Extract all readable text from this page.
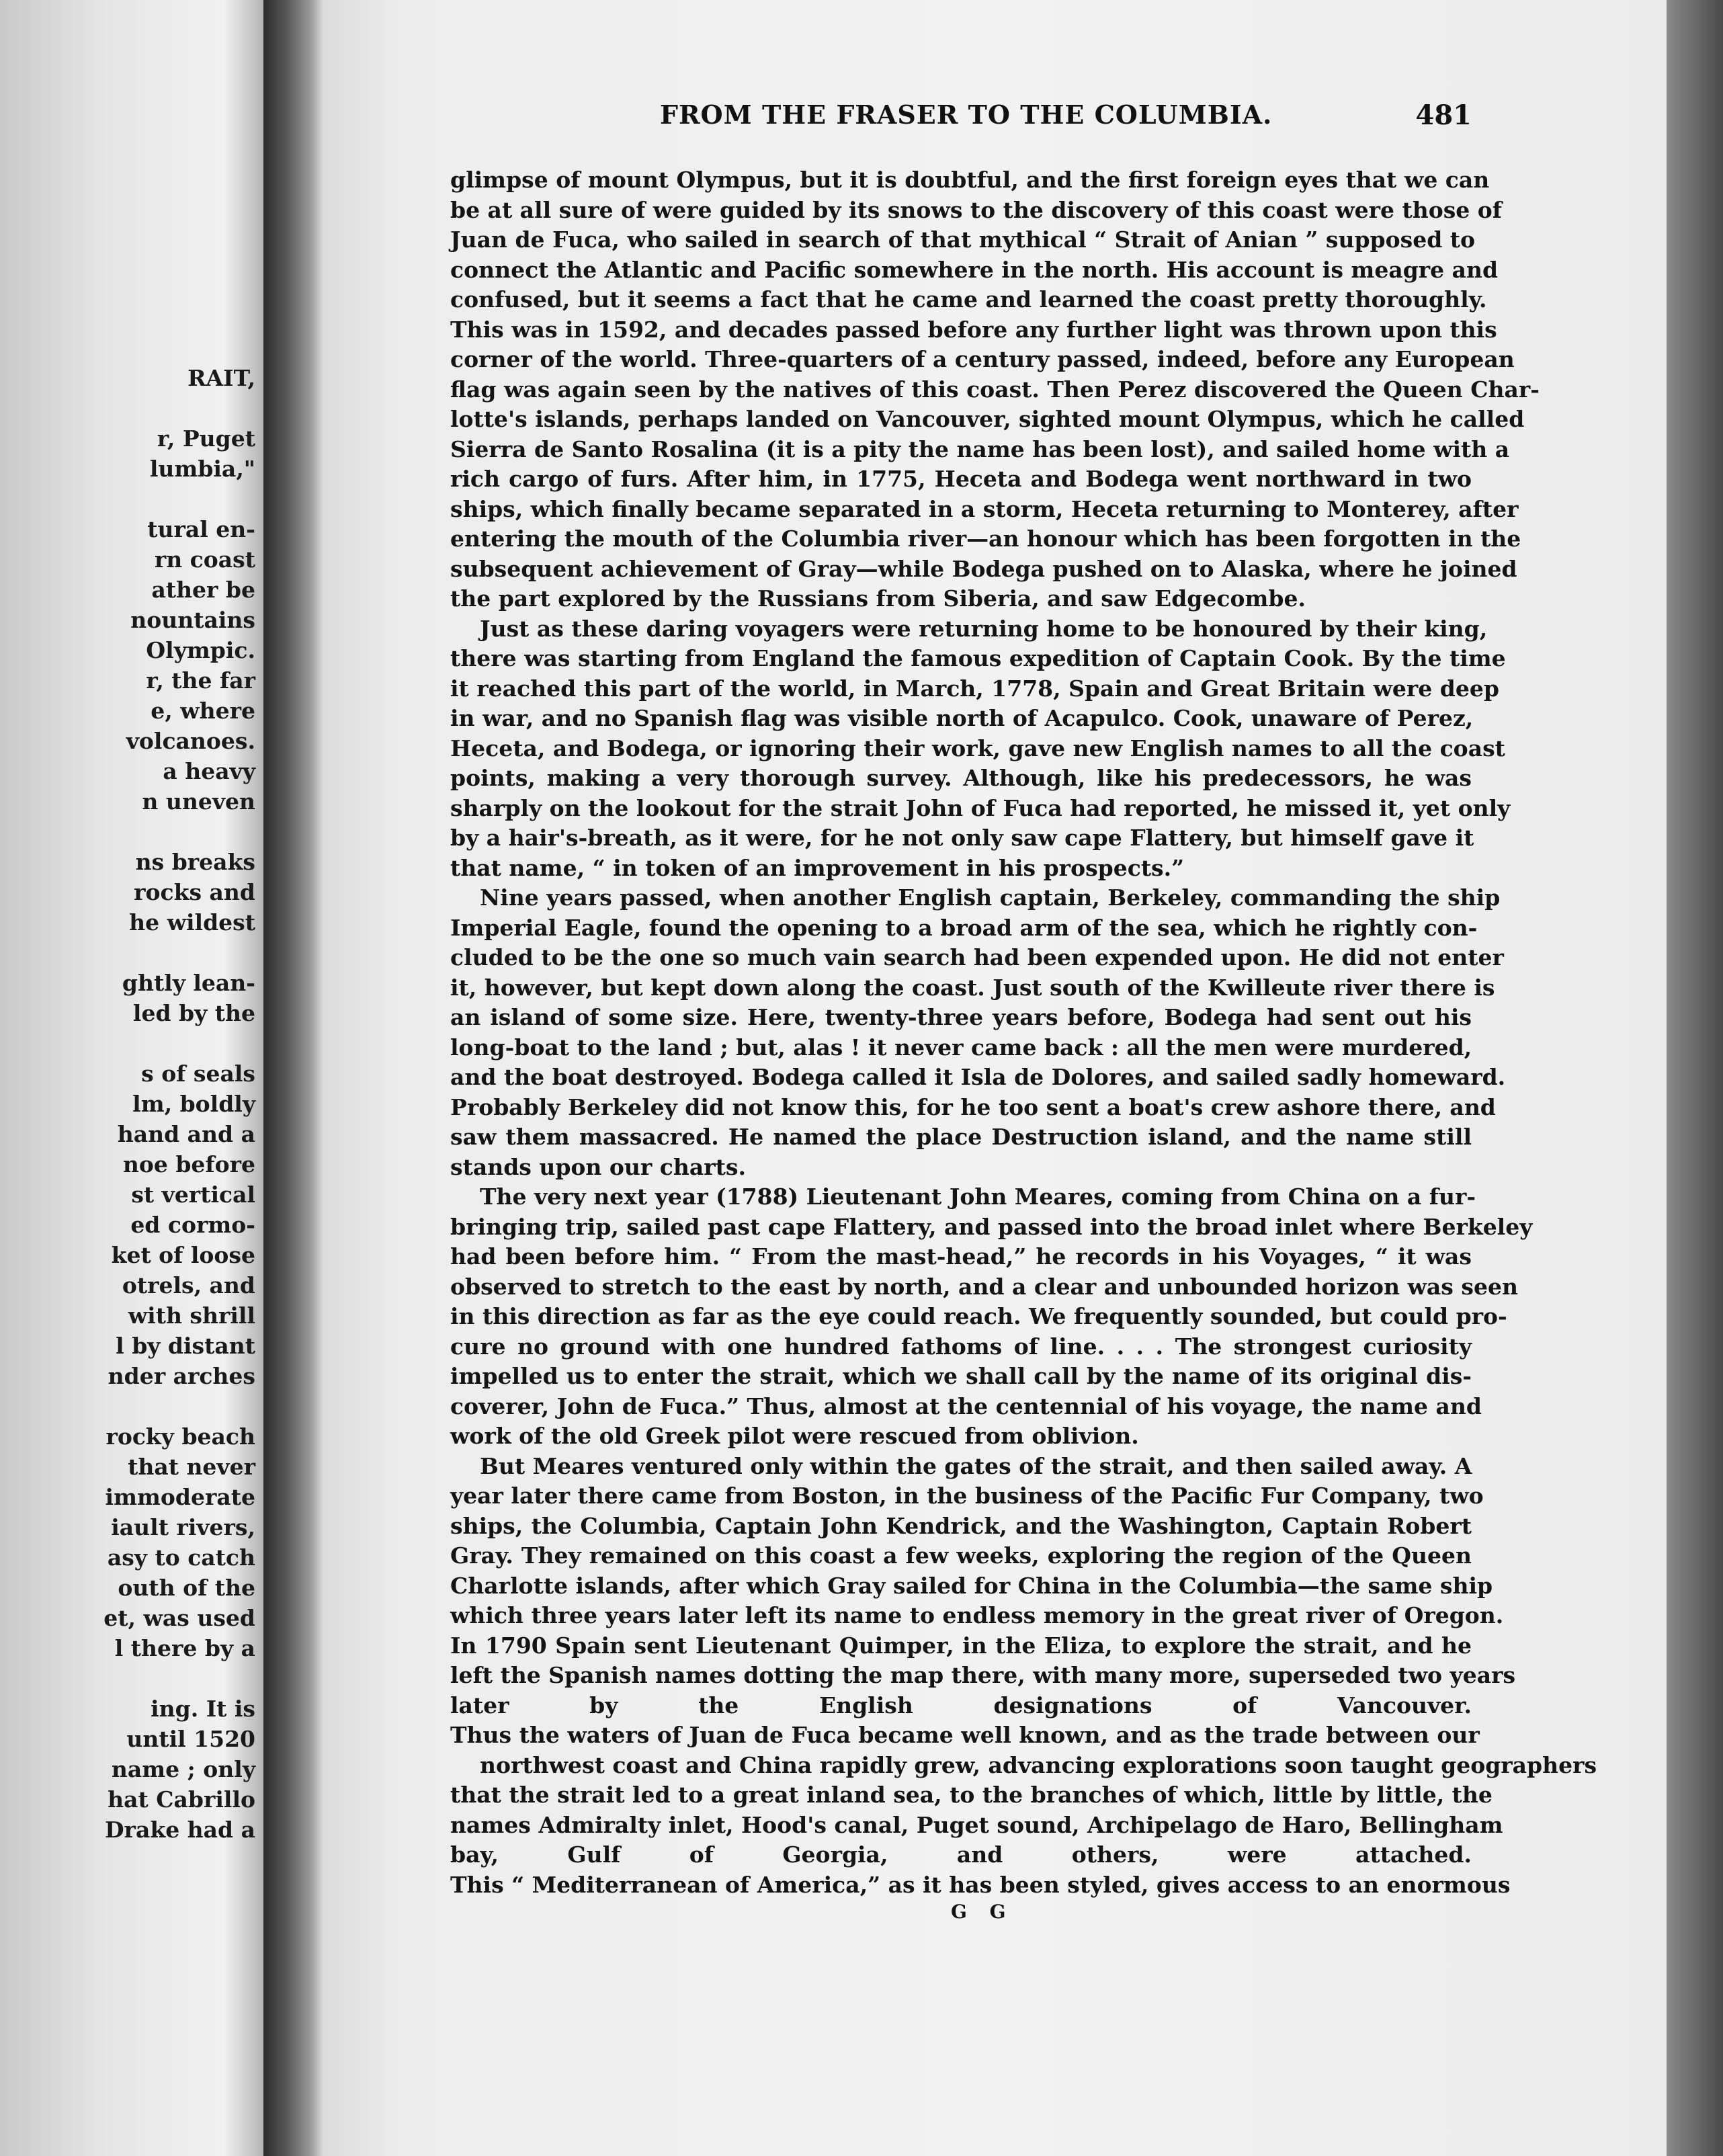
RAIT,

r, Puget
lumbia,"

tural en-
rn coast
ather be
nountains
Olympic.
r, the far
e, where
volcanoes.
a heavy
n uneven

ns breaks
rocks and
he wildest

ghtly lean-
led by the

s of seals
lm, boldly
hand and a
noe before
st vertical
ed cormo-
ket of loose
otrels, and
with shrill
l by distant
nder arches

rocky beach
that never
immoderate
iault rivers,
asy to catch
outh of the
et, was used
l there by a

ing. It is
until 1520
name ; only
hat Cabrillo
Drake had a
FROM THE FRASER TO THE COLUMBIA.	481
glimpse of mount Olympus, but it is doubtful, and the first foreign eyes that we can
be at all sure of were guided by its snows to the discovery of this coast were those of
Juan de Fuca, who sailed in search of that mythical “ Strait of Anian ” supposed to
connect the Atlantic and Pacific somewhere in the north. His account is meagre and
confused, but it seems a fact that he came and learned the coast pretty thoroughly.
This was in 1592, and decades passed before any further light was thrown upon this
corner of the world. Three-quarters of a century passed, indeed, before any European
flag was again seen by the natives of this coast. Then Perez discovered the Queen Char-
lotte's islands, perhaps landed on Vancouver, sighted mount Olympus, which he called
Sierra de Santo Rosalina (it is a pity the name has been lost), and sailed home with a
rich cargo of furs. After him, in 1775, Heceta and Bodega went northward in two
ships, which finally became separated in a storm, Heceta returning to Monterey, after
entering the mouth of the Columbia river—an honour which has been forgotten in the
subsequent achievement of Gray—while Bodega pushed on to Alaska, where he joined
the part explored by the Russians from Siberia, and saw Edgecombe.
Just as these daring voyagers were returning home to be honoured by their king,
there was starting from England the famous expedition of Captain Cook. By the time
it reached this part of the world, in March, 1778, Spain and Great Britain were deep
in war, and no Spanish flag was visible north of Acapulco. Cook, unaware of Perez,
Heceta, and Bodega, or ignoring their work, gave new English names to all the coast
points, making a very thorough survey. Although, like his predecessors, he was
sharply on the lookout for the strait John of Fuca had reported, he missed it, yet only
by a hair's-breath, as it were, for he not only saw cape Flattery, but himself gave it
that name, “ in token of an improvement in his prospects.”
Nine years passed, when another English captain, Berkeley, commanding the ship
Imperial Eagle, found the opening to a broad arm of the sea, which he rightly con-
cluded to be the one so much vain search had been expended upon. He did not enter
it, however, but kept down along the coast. Just south of the Kwilleute river there is
an island of some size. Here, twenty-three years before, Bodega had sent out his
long-boat to the land ; but, alas ! it never came back : all the men were murdered,
and the boat destroyed. Bodega called it Isla de Dolores, and sailed sadly homeward.
Probably Berkeley did not know this, for he too sent a boat's crew ashore there, and
saw them massacred. He named the place Destruction island, and the name still
stands upon our charts.
The very next year (1788) Lieutenant John Meares, coming from China on a fur-
bringing trip, sailed past cape Flattery, and passed into the broad inlet where Berkeley
had been before him. “ From the mast-head,” he records in his Voyages, “ it was
observed to stretch to the east by north, and a clear and unbounded horizon was seen
in this direction as far as the eye could reach. We frequently sounded, but could pro-
cure no ground with one hundred fathoms of line. . . . The strongest curiosity
impelled us to enter the strait, which we shall call by the name of its original dis-
coverer, John de Fuca.” Thus, almost at the centennial of his voyage, the name and
work of the old Greek pilot were rescued from oblivion.
But Meares ventured only within the gates of the strait, and then sailed away. A
year later there came from Boston, in the business of the Pacific Fur Company, two
ships, the Columbia, Captain John Kendrick, and the Washington, Captain Robert
Gray. They remained on this coast a few weeks, exploring the region of the Queen
Charlotte islands, after which Gray sailed for China in the Columbia—the same ship
which three years later left its name to endless memory in the great river of Oregon.
In 1790 Spain sent Lieutenant Quimper, in the Eliza, to explore the strait, and he
left the Spanish names dotting the map there, with many more, superseded two years
later by the English designations of Vancouver.
Thus the waters of Juan de Fuca became well known, and as the trade between our
northwest coast and China rapidly grew, advancing explorations soon taught geographers
that the strait led to a great inland sea, to the branches of which, little by little, the
names Admiralty inlet, Hood's canal, Puget sound, Archipelago de Haro, Bellingham
bay, Gulf of Georgia, and others, were attached.
This “ Mediterranean of America,” as it has been styled, gives access to an enormous
G G
